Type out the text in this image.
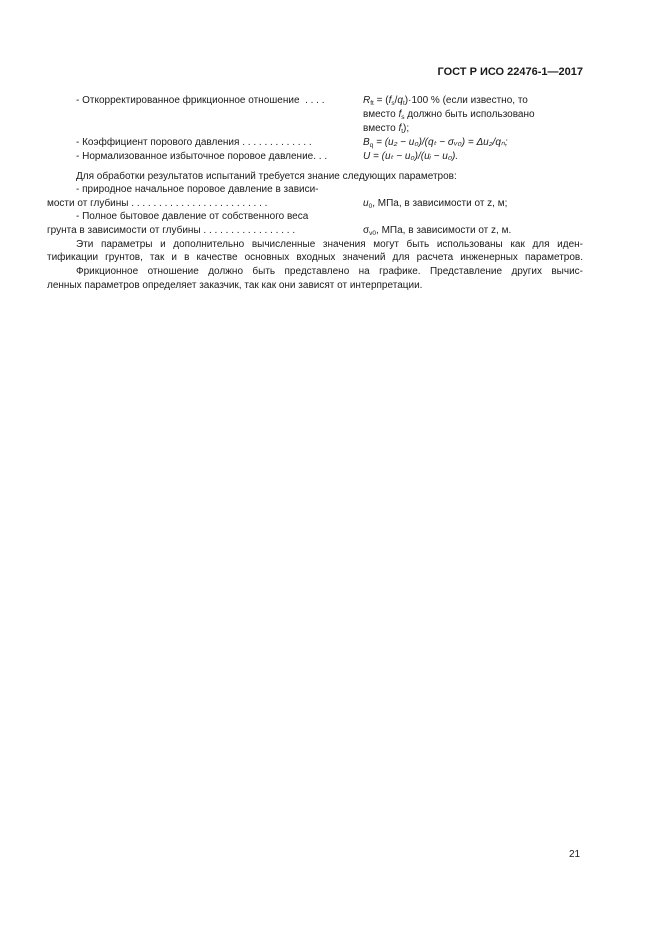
ГОСТ Р ИСО 22476-1—2017
- Откорректированное фрикционное отношение  . . . .	$R_{ft} = (f_s/q_t)\cdot 100$ % (если известно, то
вместо $f_s$ должно быть использовано
вместо $f_t$);
- Коэффициент порового давления . . . . . . . . . . . . .	$B_q = (u_2 - u_0)/(q_t$ − σᵥ₀) = Δu₂/qₙ;
- Нормализованное избыточное поровое давление. . .	U = (uₜ − u₀)/(uᵢ − u₀).
Для обработки результатов испытаний требуется знание следующих параметров:
- природное начальное поровое давление в зависи-
мости от глубины . . . . . . . . . . . . . . . . . . . . . . . . .	$u_0$, МПа, в зависимости от z, м;
- Полное бытовое давление от собственного веса
грунта в зависимости от глубины . . . . . . . . . . . . . . . . .	$\sigma_{v0}$, МПа, в зависимости от z, м.
Эти параметры и дополнительно вычисленные значения могут быть использованы как для иден-
тификации грунтов, так и в качестве основных входных значений для расчета инженерных параметров.
Фрикционное отношение должно быть представлено на графике. Представление других вычис-
ленных параметров определяет заказчик, так как они зависят от интерпретации.
21
